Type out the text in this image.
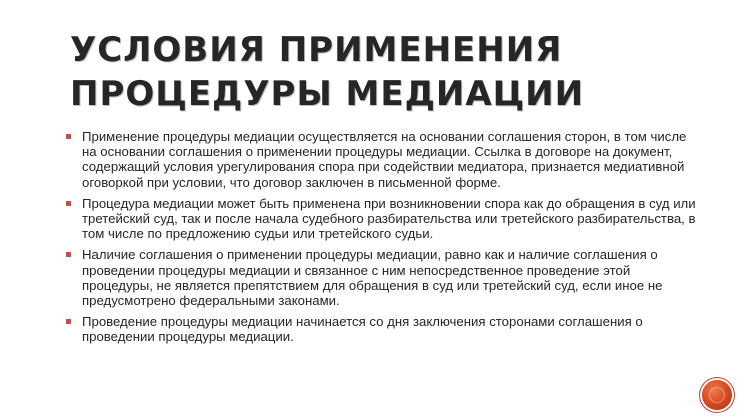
УСЛОВИЯ ПРИМЕНЕНИЯ
ПРОЦЕДУРЫ МЕДИАЦИИ
Применение процедуры медиации осуществляется на основании соглашения сторон, в том числе на основании соглашения о применении процедуры медиации. Ссылка в договоре на документ, содержащий условия урегулирования спора при содействии медиатора, признается медиативной оговоркой при условии, что договор заключен в письменной форме.
Процедура медиации может быть применена при возникновении спора как до обращения в суд или третейский суд, так и после начала судебного разбирательства или третейского разбирательства, в том числе по предложению судьи или третейского судьи.
Наличие соглашения о применении процедуры медиации, равно как и наличие соглашения о проведении процедуры медиации и связанное с ним непосредственное проведение этой процедуры, не является препятствием для обращения в суд или третейский суд, если иное не предусмотрено федеральными законами.
Проведение процедуры медиации начинается со дня заключения сторонами соглашения о проведении процедуры медиации.
